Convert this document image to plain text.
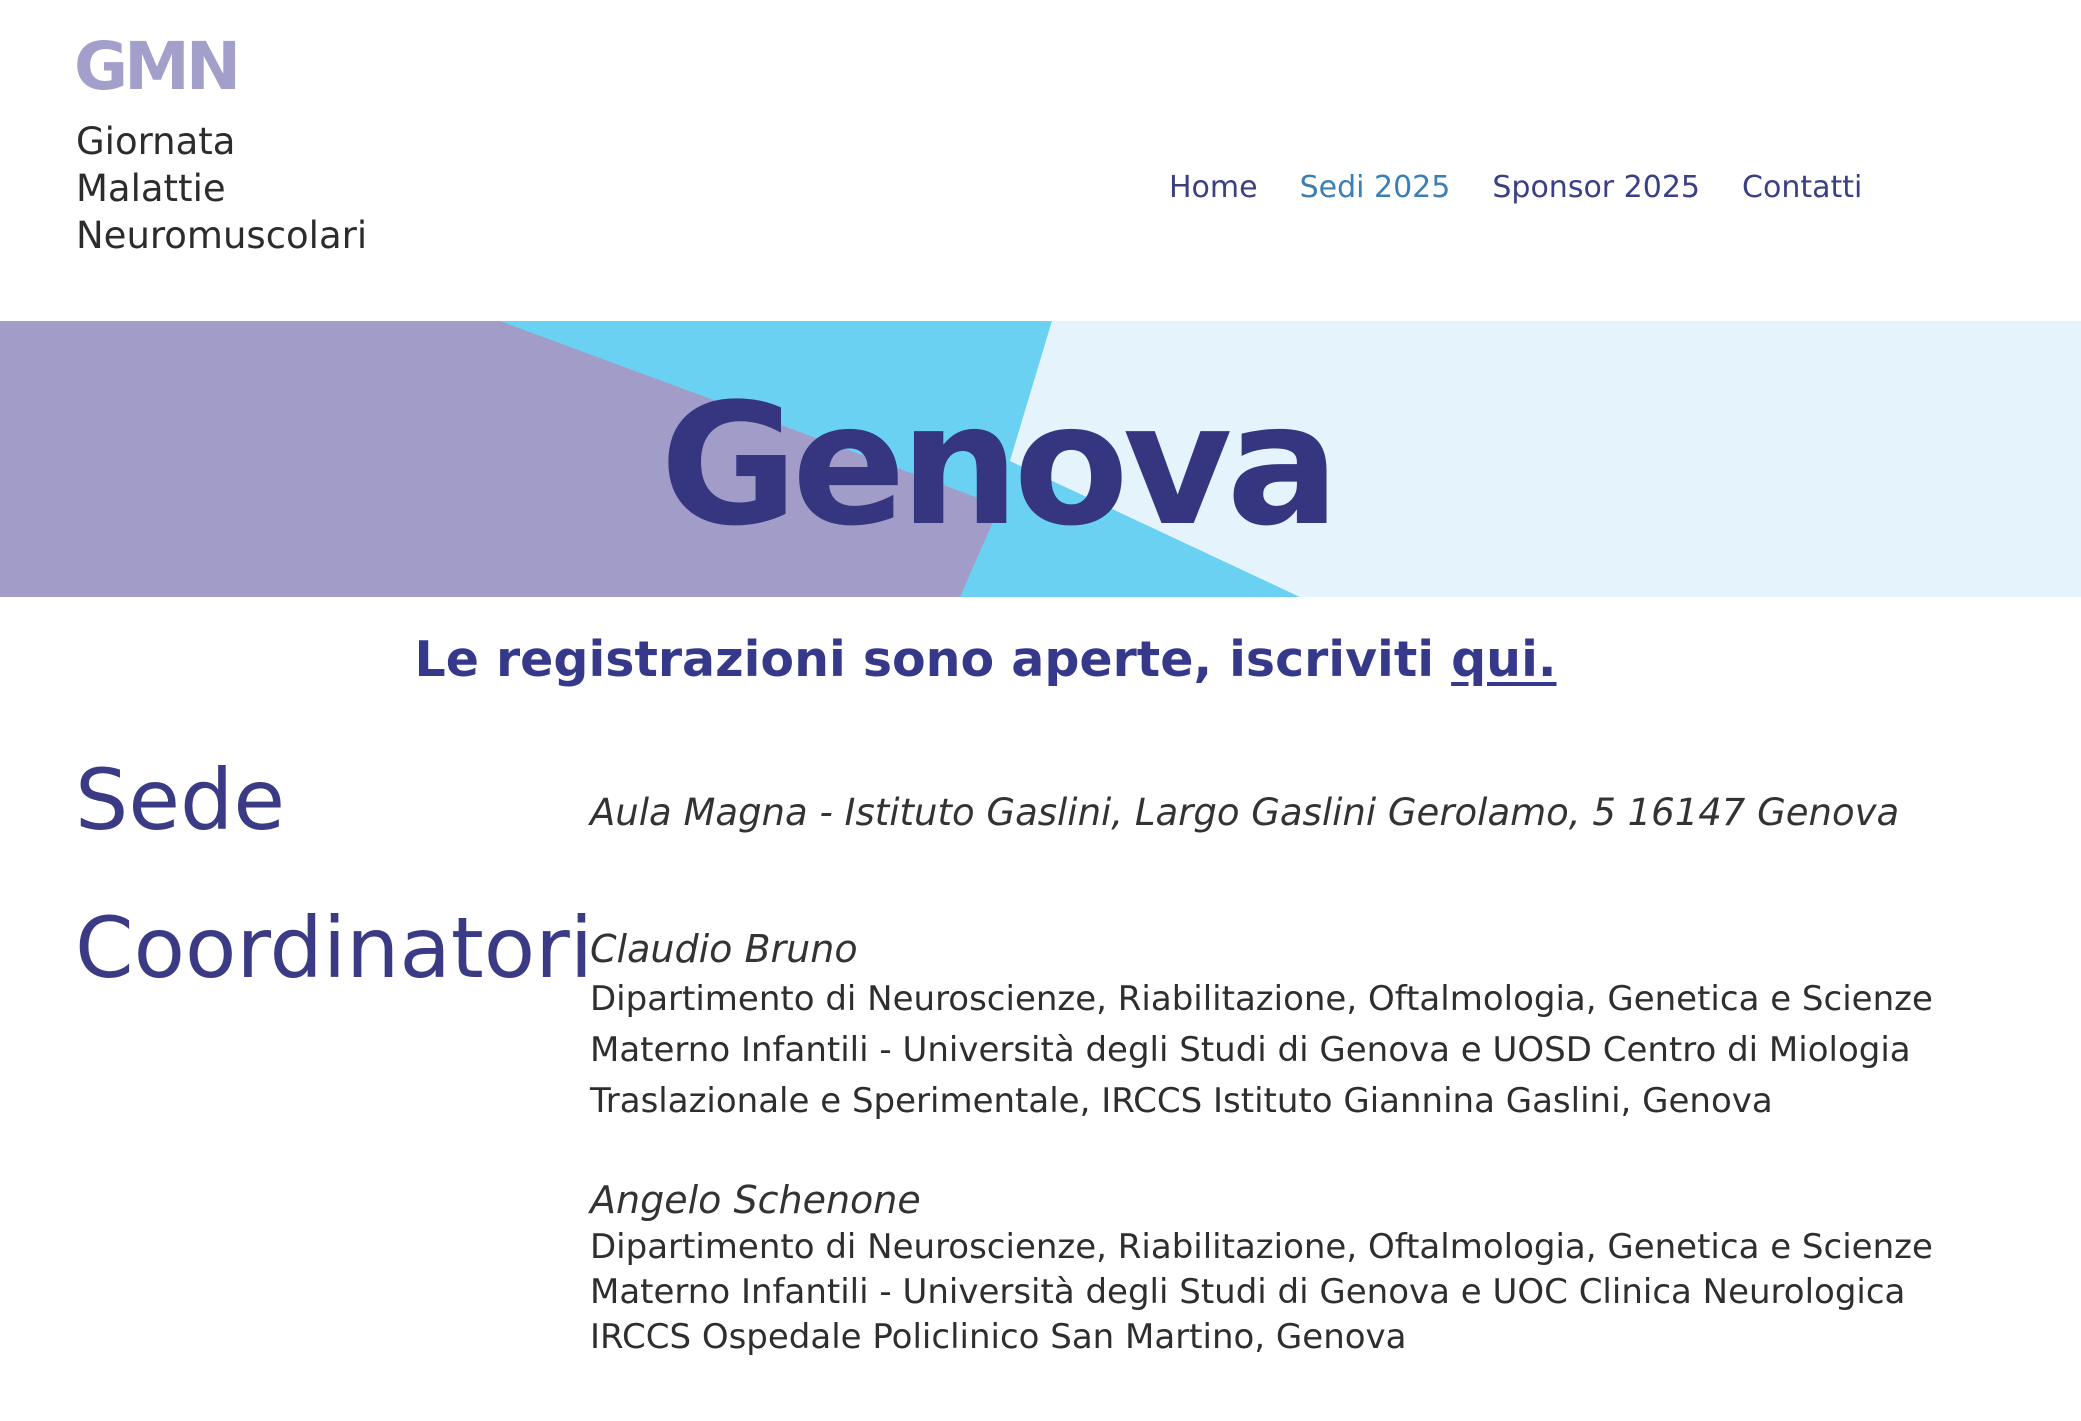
GMN
Giornata
Malattie
Neuromuscolari
Home Sedi 2025 Sponsor 2025 Contatti
Genova
Le registrazioni sono aperte, iscriviti qui.
Sede	Aula Magna - Istituto Gaslini, Largo Gaslini Gerolamo, 5 16147 Genova
Coordinatori
Claudio Bruno
Dipartimento di Neuroscienze, Riabilitazione, Oftalmologia, Genetica e Scienze
Materno Infantili - Università degli Studi di Genova e UOSD Centro di Miologia
Traslazionale e Sperimentale, IRCCS Istituto Giannina Gaslini, Genova
Angelo Schenone
Dipartimento di Neuroscienze, Riabilitazione, Oftalmologia, Genetica e Scienze
Materno Infantili - Università degli Studi di Genova e UOC Clinica Neurologica
IRCCS Ospedale Policlinico San Martino, Genova
